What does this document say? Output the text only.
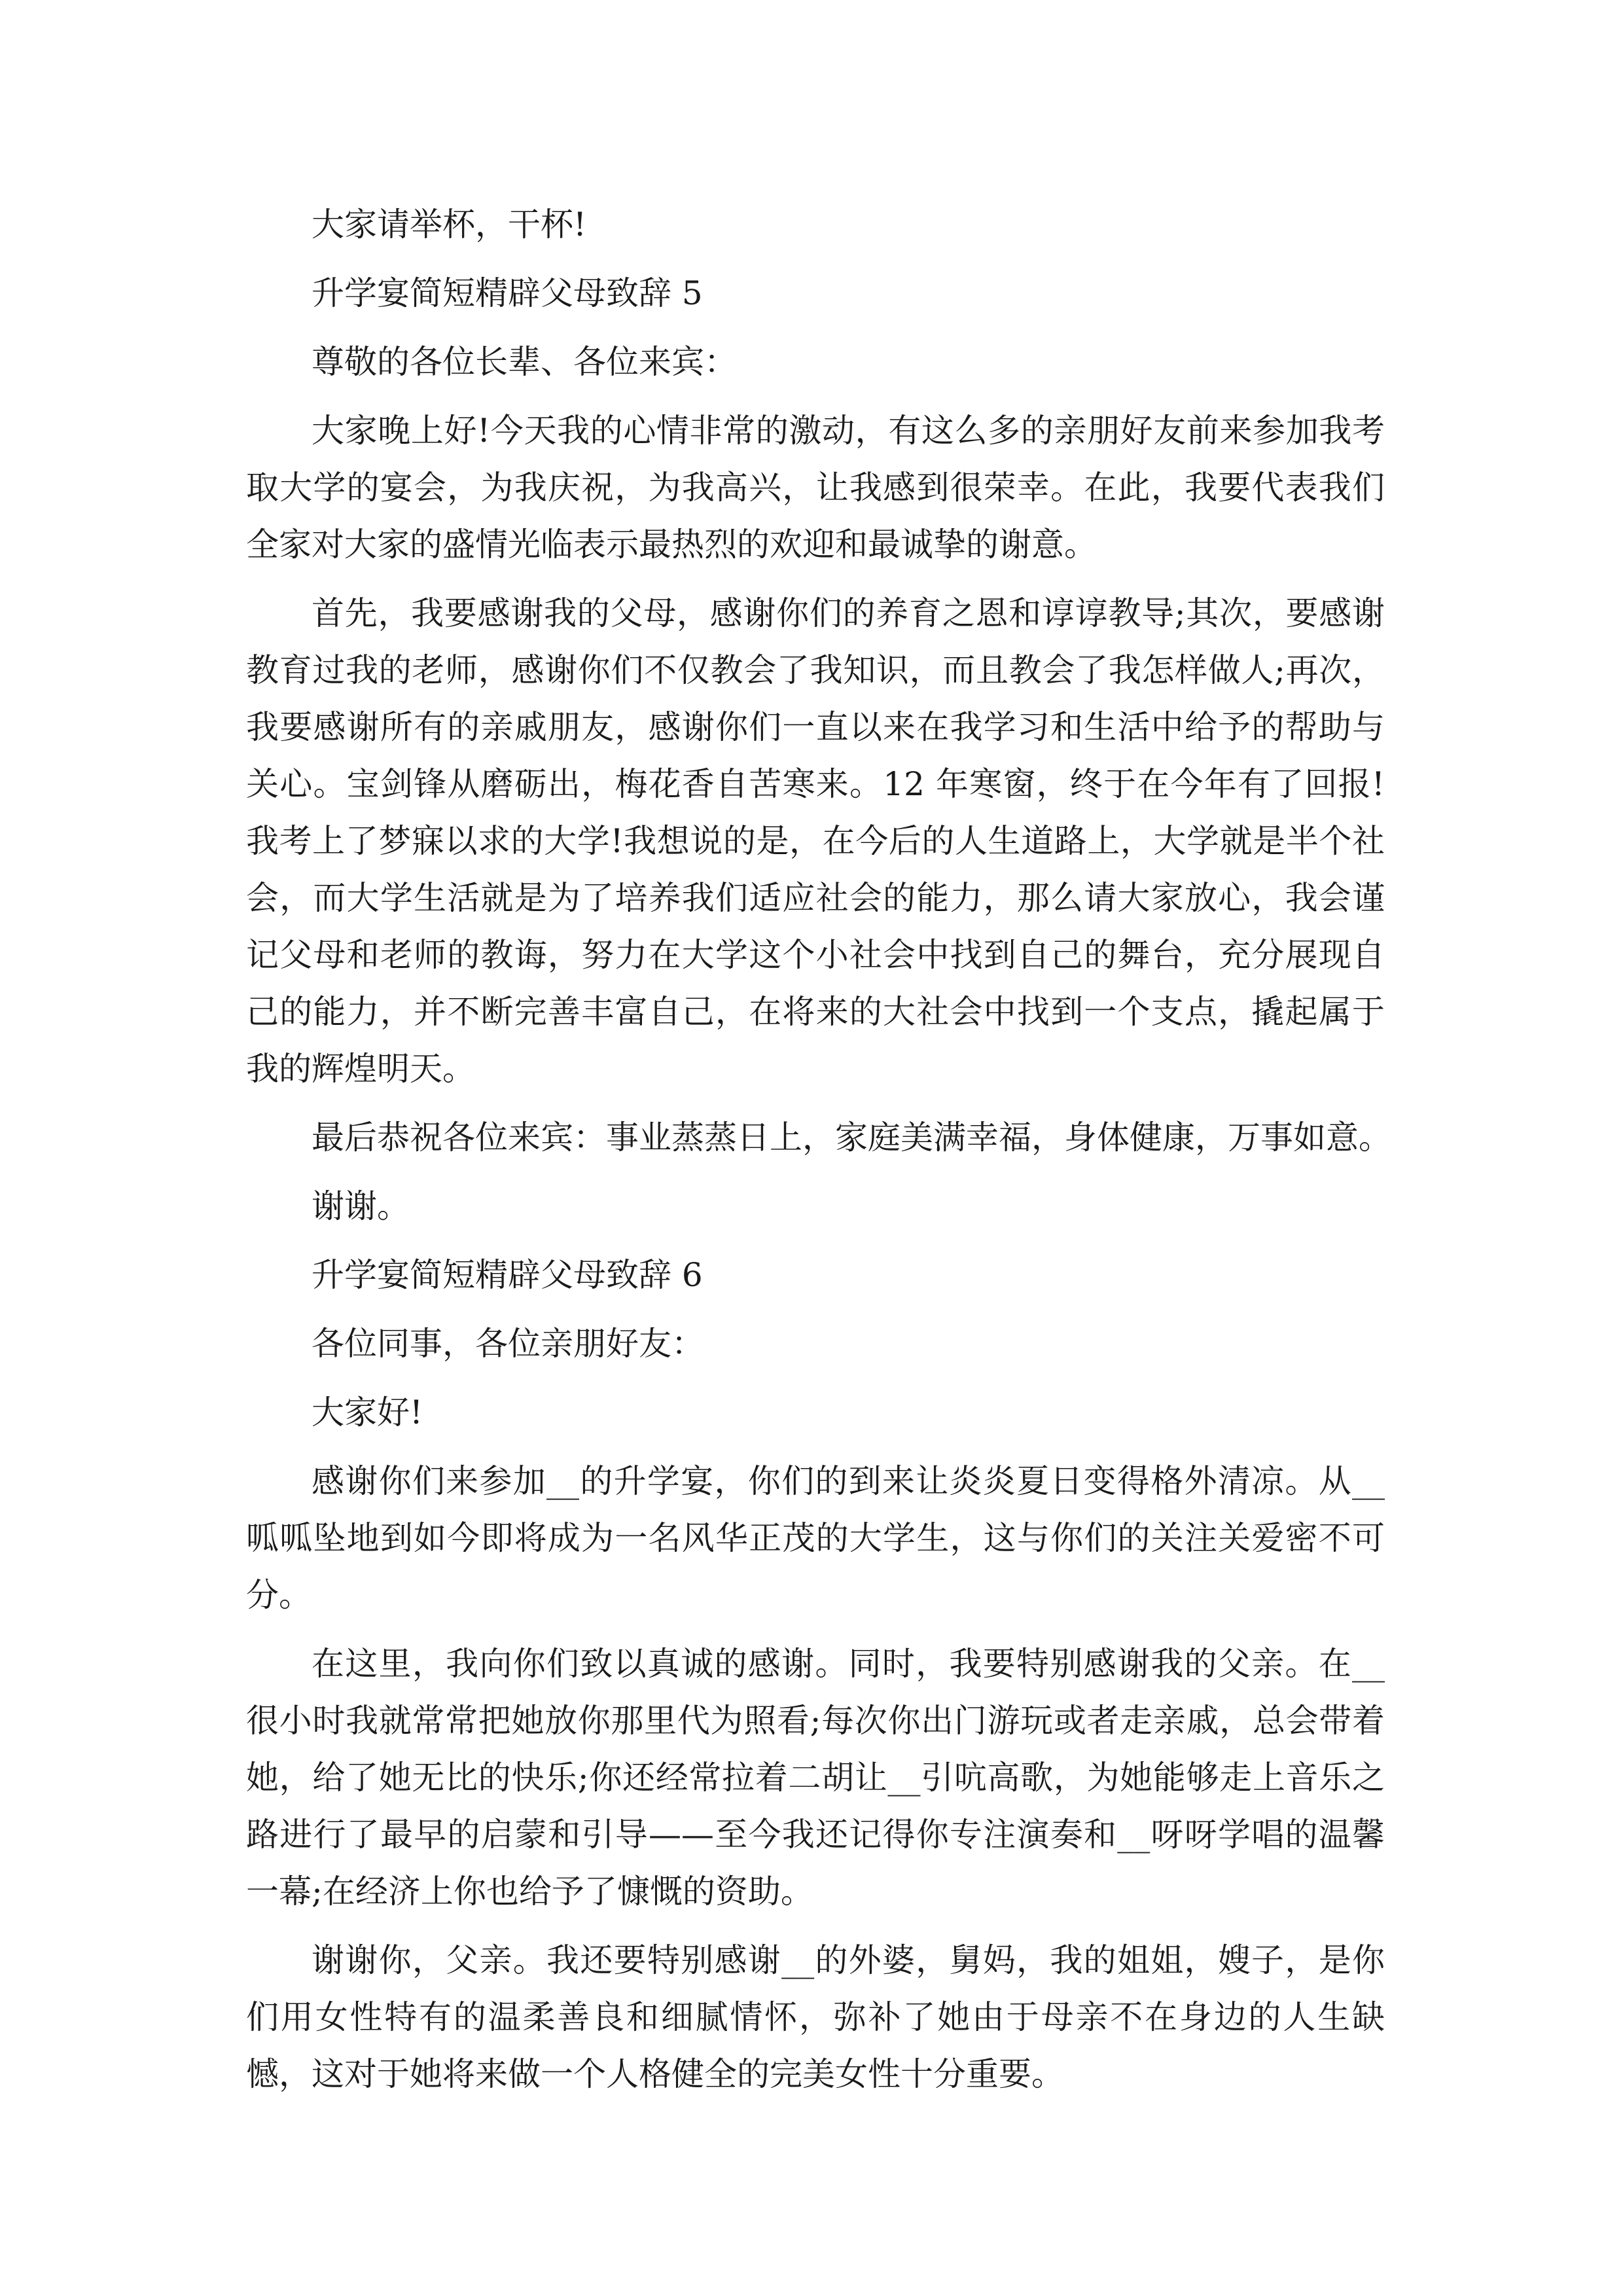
大家请举杯，干杯!

升学宴简短精辟父母致辞 5

尊敬的各位长辈、各位来宾：

大家晚上好!今天我的心情非常的激动，有这么多的亲朋好友前来参加我考取大学的宴会，为我庆祝，为我高兴，让我感到很荣幸。在此，我要代表我们全家对大家的盛情光临表示最热烈的欢迎和最诚挚的谢意。

首先，我要感谢我的父母，感谢你们的养育之恩和谆谆教导;其次，要感谢教育过我的老师，感谢你们不仅教会了我知识，而且教会了我怎样做人;再次，我要感谢所有的亲戚朋友，感谢你们一直以来在我学习和生活中给予的帮助与关心。宝剑锋从磨砺出，梅花香自苦寒来。12 年寒窗，终于在今年有了回报!我考上了梦寐以求的大学!我想说的是，在今后的人生道路上，大学就是半个社会，而大学生活就是为了培养我们适应社会的能力，那么请大家放心，我会谨记父母和老师的教诲，努力在大学这个小社会中找到自己的舞台，充分展现自己的能力，并不断完善丰富自己，在将来的大社会中找到一个支点，撬起属于我的辉煌明天。

最后恭祝各位来宾：事业蒸蒸日上，家庭美满幸福，身体健康，万事如意。

谢谢。

升学宴简短精辟父母致辞 6

各位同事，各位亲朋好友：

大家好!

感谢你们来参加__的升学宴，你们的到来让炎炎夏日变得格外清凉。从__呱呱坠地到如今即将成为一名风华正茂的大学生，这与你们的关注关爱密不可分。

在这里，我向你们致以真诚的感谢。同时，我要特别感谢我的父亲。在__很小时我就常常把她放你那里代为照看;每次你出门游玩或者走亲戚，总会带着她，给了她无比的快乐;你还经常拉着二胡让__引吭高歌，为她能够走上音乐之路进行了最早的启蒙和引导——至今我还记得你专注演奏和__呀呀学唱的温馨一幕;在经济上你也给予了慷慨的资助。

谢谢你，父亲。我还要特别感谢__的外婆，舅妈，我的姐姐，嫂子，是你们用女性特有的温柔善良和细腻情怀，弥补了她由于母亲不在身边的人生缺憾，这对于她将来做一个人格健全的完美女性十分重要。
